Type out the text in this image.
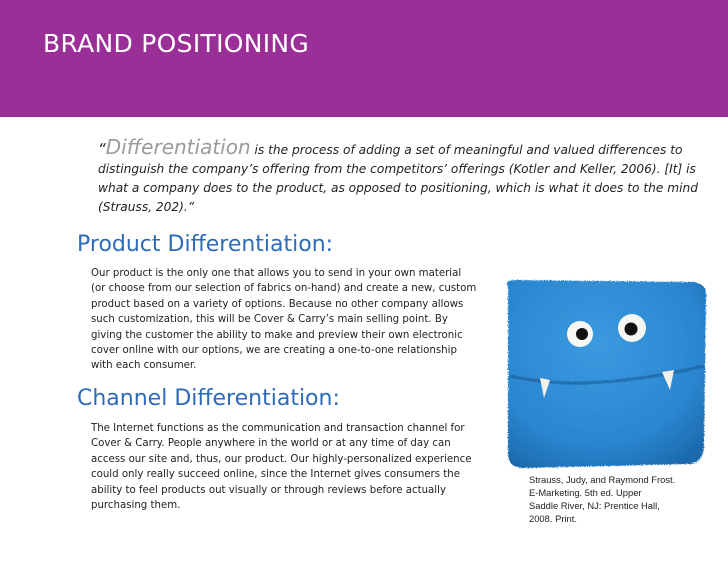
BRAND POSITIONING
“Differentiation is the process of adding a set of meaningful and valued differences to distinguish the company’s offering from the competitors’ offerings (Kotler and Keller, 2006). [It] is what a company does to the product, as opposed to positioning, which is what it does to the mind (Strauss, 202).”
Product Differentiation:
Our product is the only one that allows you to send in your own material
(or choose from our selection of fabrics on-hand) and create a new, custom
product based on a variety of options. Because no other company allows
such customization, this will be Cover & Carry’s main selling point. By
giving the customer the ability to make and preview their own electronic
cover online with our options, we are creating a one-to-one relationship
with each consumer.
Channel Differentiation:
The Internet functions as the communication and transaction channel for
Cover & Carry. People anywhere in the world or at any time of day can
access our site and, thus, our product. Our highly-personalized experience
could only really succeed online, since the Internet gives consumers the
ability to feel products out visually or through reviews before actually
purchasing them.
Strauss, Judy, and Raymond Frost.
E-Marketing. 5th ed. Upper
Saddle River, NJ: Prentice Hall,
2008. Print.
